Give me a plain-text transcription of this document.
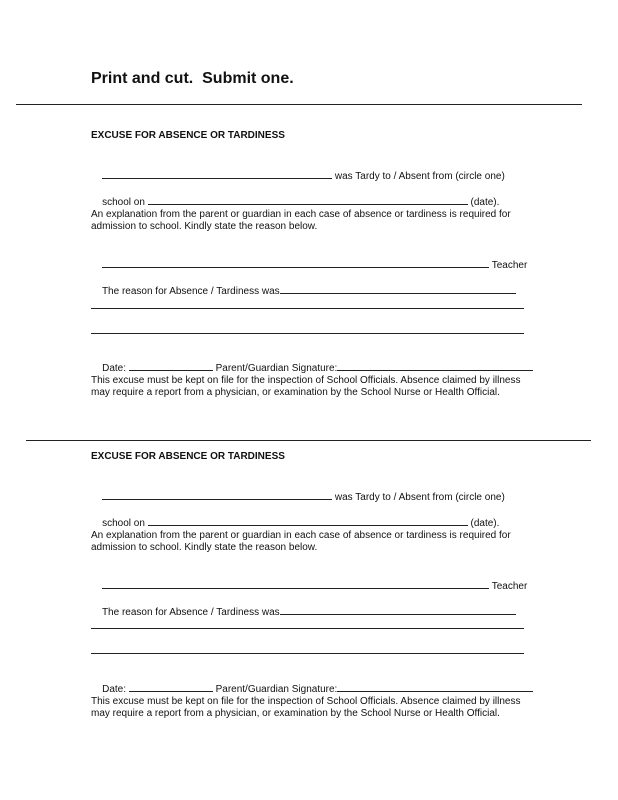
Print and cut.  Submit one.
EXCUSE FOR ABSENCE OR TARDINESS

was Tardy to / Absent from (circle one)

school on	(date).

An explanation from the parent or guardian in each case of absence or tardiness is required for admission to school. Kindly state the reason below.

Teacher

The reason for Absence / Tardiness was

Date:	Parent/Guardian Signature:

This excuse must be kept on file for the inspection of School Officials. Absence claimed by illness may require a report from a physician, or examination by the School Nurse or Health Official.
EXCUSE FOR ABSENCE OR TARDINESS

was Tardy to / Absent from (circle one)

school on	(date).

An explanation from the parent or guardian in each case of absence or tardiness is required for admission to school. Kindly state the reason below.

Teacher

The reason for Absence / Tardiness was

Date:	Parent/Guardian Signature:

This excuse must be kept on file for the inspection of School Officials. Absence claimed by illness may require a report from a physician, or examination by the School Nurse or Health Official.
